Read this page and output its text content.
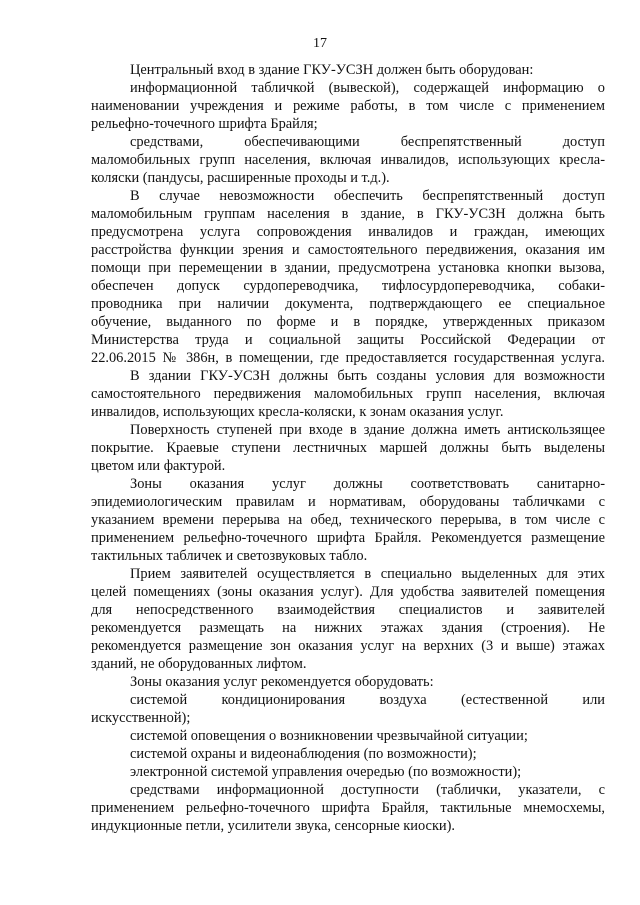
17
Центральный вход в здание ГКУ-УСЗН должен быть оборудован:
информационной табличкой (вывеской), содержащей информацию о
наименовании учреждения и режиме работы, в том числе с применением
рельефно-точечного шрифта Брайля;
средствами, обеспечивающими беспрепятственный доступ
маломобильных групп населения, включая инвалидов, использующих кресла-
коляски (пандусы, расширенные проходы и т.д.).
В случае невозможности обеспечить беспрепятственный доступ
маломобильным группам населения в здание, в ГКУ-УСЗН должна быть
предусмотрена услуга сопровождения инвалидов и граждан, имеющих
расстройства функции зрения и самостоятельного передвижения, оказания им
помощи при перемещении в здании, предусмотрена установка кнопки вызова,
обеспечен допуск сурдопереводчика, тифлосурдопереводчика, собаки-
проводника при наличии документа, подтверждающего ее специальное
обучение, выданного по форме и в порядке, утвержденных приказом
Министерства труда и социальной защиты Российской Федерации от
22.06.2015 № 386н, в помещении, где предоставляется государственная услуга.
В здании ГКУ-УСЗН должны быть созданы условия для возможности
самостоятельного передвижения маломобильных групп населения, включая
инвалидов, использующих кресла-коляски, к зонам оказания услуг.
Поверхность ступеней при входе в здание должна иметь антискользящее
покрытие. Краевые ступени лестничных маршей должны быть выделены
цветом или фактурой.
Зоны оказания услуг должны соответствовать санитарно-
эпидемиологическим правилам и нормативам, оборудованы табличками с
указанием времени перерыва на обед, технического перерыва, в том числе с
применением рельефно-точечного шрифта Брайля. Рекомендуется размещение
тактильных табличек и светозвуковых табло.
Прием заявителей осуществляется в специально выделенных для этих
целей помещениях (зоны оказания услуг). Для удобства заявителей помещения
для непосредственного взаимодействия специалистов и заявителей
рекомендуется размещать на нижних этажах здания (строения). Не
рекомендуется размещение зон оказания услуг на верхних (3 и выше) этажах
зданий, не оборудованных лифтом.
Зоны оказания услуг рекомендуется оборудовать:
системой кондиционирования воздуха (естественной или
искусственной);
системой оповещения о возникновении чрезвычайной ситуации;
системой охраны и видеонаблюдения (по возможности);
электронной системой управления очередью (по возможности);
средствами информационной доступности (таблички, указатели, с
применением рельефно-точечного шрифта Брайля, тактильные мнемосхемы,
индукционные петли, усилители звука, сенсорные киоски).
